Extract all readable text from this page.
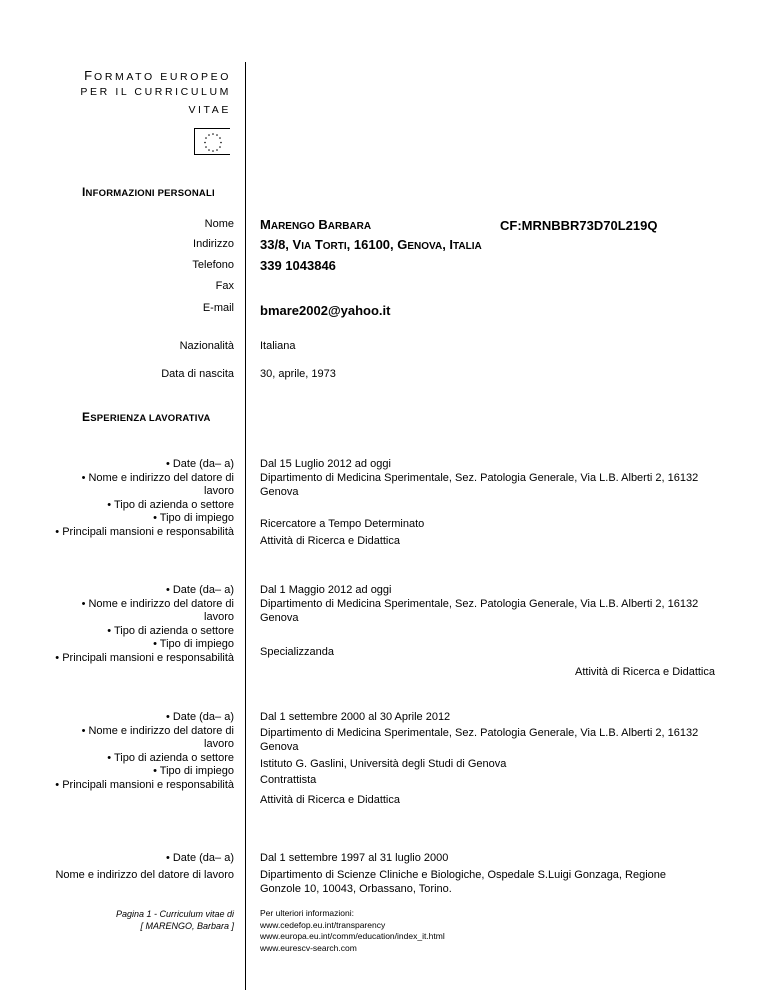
FORMATO EUROPEO
PER IL CURRICULUM
VITAE
INFORMAZIONI PERSONALI
Nome MARENGO BARBARA	CF:MRNBBR73D70L219Q
Indirizzo 33/8, VIA TORTI, 16100, GENOVA, ITALIA
Telefono 339 1043846
Fax
E-mail bmare2002@yahoo.it
Nazionalità Italiana
Data di nascita 30, aprile, 1973
ESPERIENZA LAVORATIVA
• Date (da– a)
• Nome e indirizzo del datore di
lavoro
• Tipo di azienda o settore
• Tipo di impiego
• Principali mansioni e responsabilità
Dal 15 Luglio 2012 ad oggi
Dipartimento di Medicina Sperimentale, Sez. Patologia Generale, Via L.B. Alberti 2, 16132 Genova
Ricercatore a Tempo Determinato
Attività di Ricerca e Didattica
• Date (da– a)
• Nome e indirizzo del datore di
lavoro
• Tipo di azienda o settore
• Tipo di impiego
• Principali mansioni e responsabilità
Dal 1 Maggio 2012 ad oggi
Dipartimento di Medicina Sperimentale, Sez. Patologia Generale, Via L.B. Alberti 2, 16132 Genova
Specializzanda
Attività di Ricerca e Didattica
• Date (da– a)
• Nome e indirizzo del datore di
lavoro
• Tipo di azienda o settore
• Tipo di impiego
• Principali mansioni e responsabilità
Dal 1 settembre 2000 al 30 Aprile 2012
Dipartimento di Medicina Sperimentale, Sez. Patologia Generale, Via L.B. Alberti 2, 16132 Genova
Istituto G. Gaslini, Università degli Studi di Genova
Contrattista
Attività di Ricerca e Didattica
• Date (da– a)
Nome e indirizzo del datore di lavoro
Dal 1 settembre 1997 al 31 luglio 2000
Dipartimento di Scienze Cliniche e Biologiche, Ospedale S.Luigi Gonzaga, Regione Gonzole 10, 10043, Orbassano, Torino.
Pagina 1 - Curriculum vitae di
[ MARENGO, Barbara ]
Per ulteriori informazioni:
www.cedefop.eu.int/transparency
www.europa.eu.int/comm/education/index_it.html
www.eurescv-search.com
